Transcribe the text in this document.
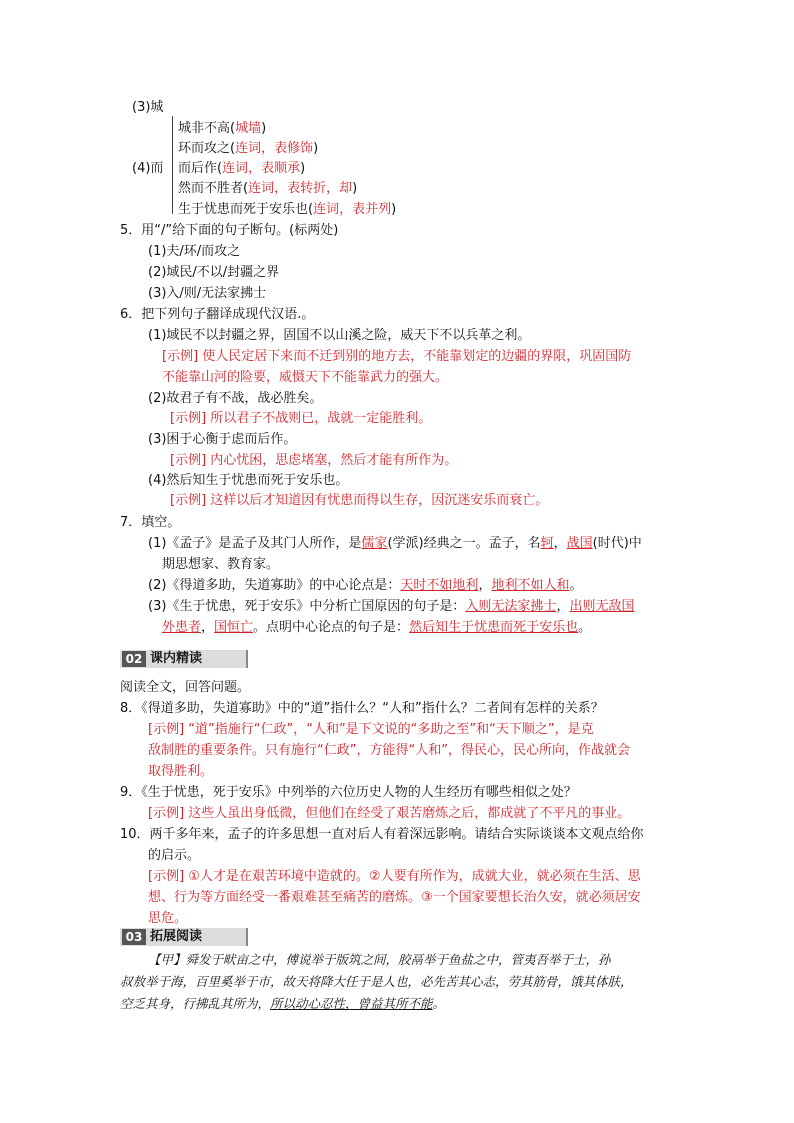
(3)城
城非不高(城墙)
(4)而
环而攻之(连词，表修饰)
而后作(连词，表顺承)
然而不胜者(连词，表转折，却)
生于忧患而死于安乐也(连词，表并列)
5．用“/”给下面的句子断句。(标两处)
(1)夫/环/而攻之
(2)域民/不以/封疆之界
(3)入/则/无法家拂士
6．把下列句子翻译成现代汉语.。
(1)域民不以封疆之界，固国不以山溪之险，威天下不以兵革之利。
[示例] 使人民定居下来而不迁到别的地方去，不能靠划定的边疆的界限，巩固国防
不能靠山河的险要，威慑天下不能靠武力的强大。
(2)故君子有不战，战必胜矣。
[示例] 所以君子不战则已，战就一定能胜利。
(3)困于心衡于虑而后作。
[示例] 内心忧困，思虑堵塞，然后才能有所作为。
(4)然后知生于忧患而死于安乐也。
[示例] 这样以后才知道因有忧患而得以生存，因沉迷安乐而衰亡。
7．填空。
(1)《孟子》是孟子及其门人所作，是儒家(学派)经典之一。孟子，名轲，战国(时代)中
期思想家、教育家。
(2)《得道多助，失道寡助》的中心论点是：天时不如地利，地利不如人和。
(3)《生于忧患，死于安乐》中分析亡国原因的句子是：入则无法家拂士，出则无敌国
外患者，国恒亡。点明中心论点的句子是：然后知生于忧患而死于安乐也。
02 课内精读
阅读全文，回答问题。
8．《得道多助，失道寡助》中的“道”指什么？“人和”指什么？二者间有怎样的关系？
[示例] “道”指施行“仁政”，“人和”是下文说的“多助之至”和“天下顺之”，是克
敌制胜的重要条件。只有施行“仁政”，方能得“人和”，得民心，民心所向，作战就会
取得胜利。
9．《生于忧患，死于安乐》中列举的六位历史人物的人生经历有哪些相似之处？
[示例] 这些人虽出身低微，但他们在经受了艰苦磨炼之后，都成就了不平凡的事业。
10．两千多年来，孟子的许多思想一直对后人有着深远影响。请结合实际谈谈本文观点给你
的启示。
[示例] ①人才是在艰苦环境中造就的。②人要有所作为，成就大业，就必须在生活、思
想、行为等方面经受一番艰难甚至痛苦的磨炼。③一个国家要想长治久安，就必须居安
思危。
03 拓展阅读
【甲】舜发于畎亩之中，傅说举于版筑之间，胶鬲举于鱼盐之中，管夷吾举于士，孙
叔敖举于海，百里奚举于市，故天将降大任于是人也，必先苦其心志，劳其筋骨，饿其体肤，
空乏其身，行拂乱其所为，所以动心忍性，曾益其所不能。
